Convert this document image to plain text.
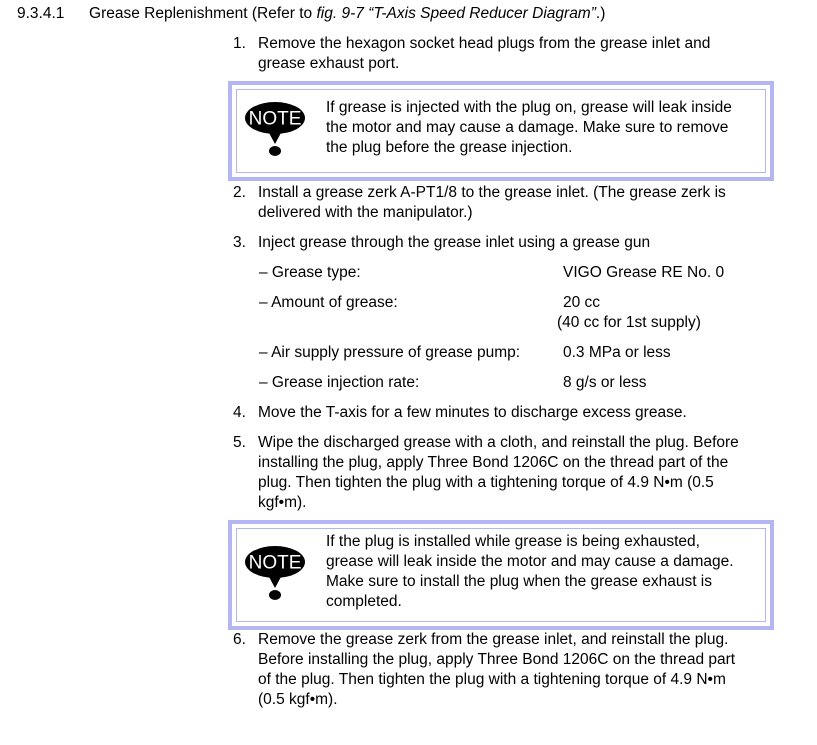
9.3.4.1 Grease Replenishment (Refer to fig. 9-7 “T-Axis Speed Reducer Diagram”.)
1. Remove the hexagon socket head plugs from the grease inlet and
grease exhaust port.
NOTE
If grease is injected with the plug on, grease will leak inside
the motor and may cause a damage. Make sure to remove
the plug before the grease injection.
2. Install a grease zerk A-PT1/8 to the grease inlet. (The grease zerk is
delivered with the manipulator.)
3. Inject grease through the grease inlet using a grease gun
– Grease type:	VIGO Grease RE No. 0
– Amount of grease:	20 cc
(40 cc for 1st supply)
– Air supply pressure of grease pump:	0.3 MPa or less
– Grease injection rate:	8 g/s or less
4. Move the T-axis for a few minutes to discharge excess grease.
5. Wipe the discharged grease with a cloth, and reinstall the plug. Before
installing the plug, apply Three Bond 1206C on the thread part of the
plug. Then tighten the plug with a tightening torque of 4.9 N•m (0.5
kgf•m).
NOTE
If the plug is installed while grease is being exhausted,
grease will leak inside the motor and may cause a damage.
Make sure to install the plug when the grease exhaust is
completed.
6. Remove the grease zerk from the grease inlet, and reinstall the plug.
Before installing the plug, apply Three Bond 1206C on the thread part
of the plug. Then tighten the plug with a tightening torque of 4.9 N•m
(0.5 kgf•m).
